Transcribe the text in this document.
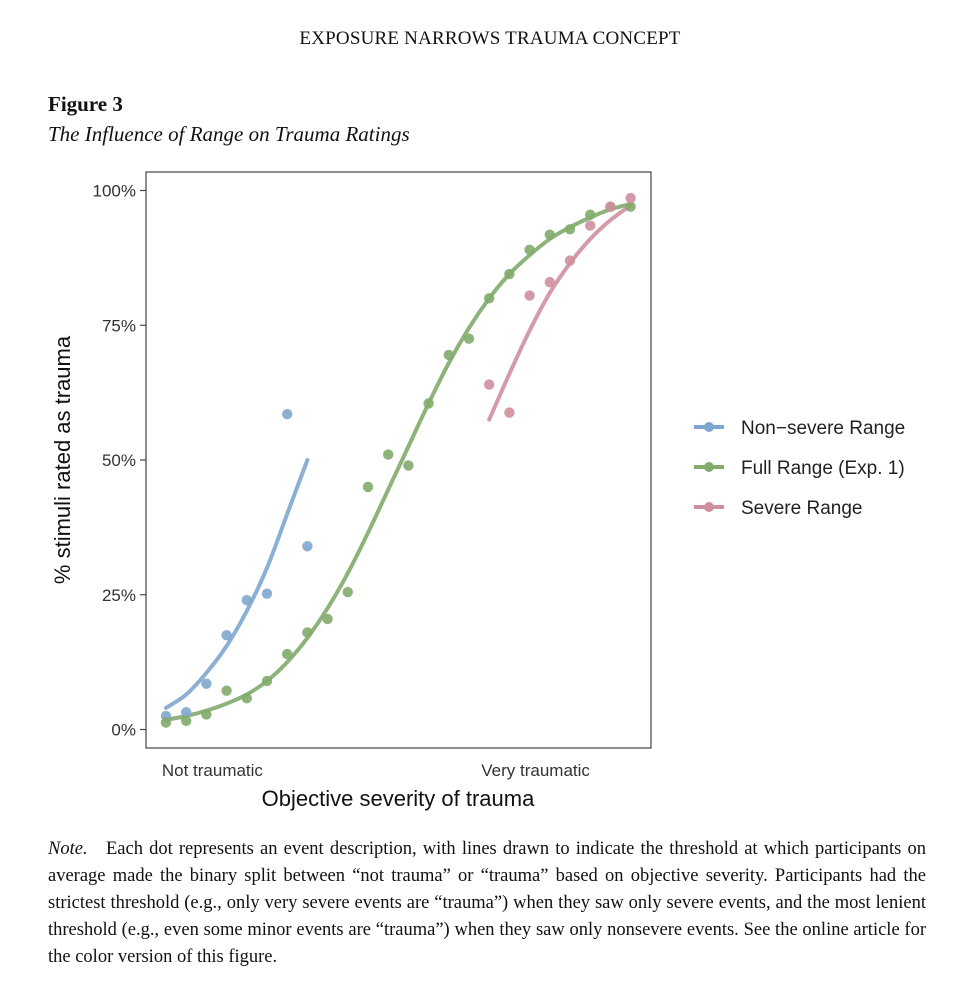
EXPOSURE NARROWS TRAUMA CONCEPT
Figure 3
The Influence of Range on Trauma Ratings
0%
25%
50%
75%
100%
% stimuli rated as trauma
Not traumatic	Very traumatic
Objective severity of trauma
Non−severe Range
Full Range (Exp. 1)
Severe Range
Note. Each dot represents an event description, with lines drawn to indicate the threshold at which participants on average made the binary split between “not trauma” or “trauma” based on objective severity. Participants had the strictest threshold (e.g., only very severe events are “trauma”) when they saw only severe events, and the most lenient threshold (e.g., even some minor events are “trauma”) when they saw only nonsevere events. See the online article for the color version of this figure.
